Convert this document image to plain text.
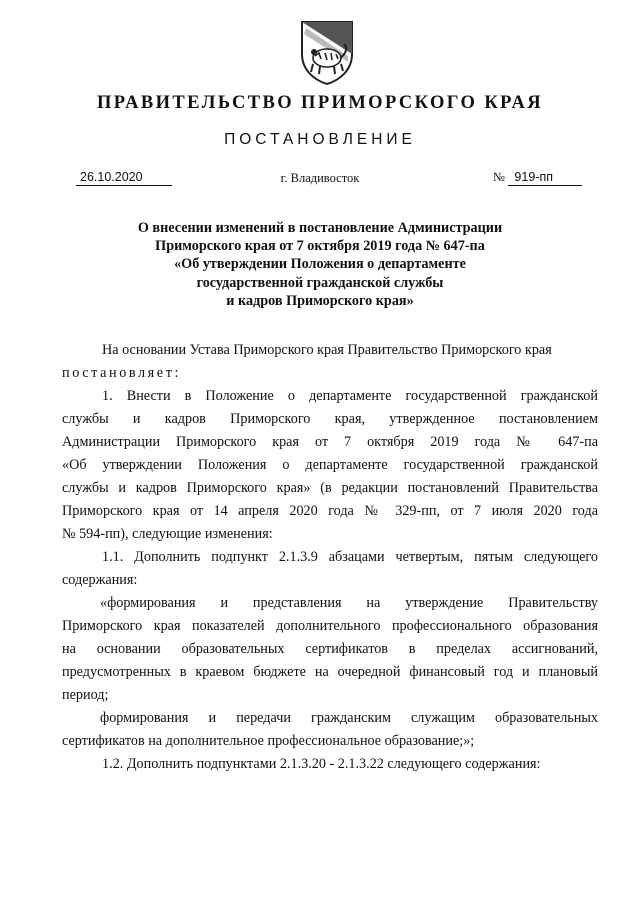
ПРАВИТЕЛЬСТВО ПРИМОРСКОГО КРАЯ
ПОСТАНОВЛЕНИЕ
26.10.2020	г. Владивосток	№ 919-пп
О внесении изменений в постановление Администрации
Приморского края от 7 октября 2019 года № 647-па
«Об утверждении Положения о департаменте
государственной гражданской службы
и кадров Приморского края»
На основании Устава Приморского края Правительство Приморского края
постановляет:
1. Внести в Положение о департаменте государственной гражданской
службы и кадров Приморского края, утвержденное постановлением
Администрации Приморского края от 7 октября 2019 года № 647-па
«Об утверждении Положения о департаменте государственной гражданской
службы и кадров Приморского края» (в редакции постановлений Правительства
Приморского края от 14 апреля 2020 года № 329-пп, от 7 июля 2020 года
№ 594-пп), следующие изменения:
1.1. Дополнить подпункт 2.1.3.9 абзацами четвертым, пятым следующего
содержания:
«формирования и представления на утверждение Правительству
Приморского края показателей дополнительного профессионального образования
на основании образовательных сертификатов в пределах ассигнований,
предусмотренных в краевом бюджете на очередной финансовый год и плановый
период;
формирования и передачи гражданским служащим образовательных
сертификатов на дополнительное профессиональное образование;»;
1.2. Дополнить подпунктами 2.1.3.20 - 2.1.3.22 следующего содержания:
